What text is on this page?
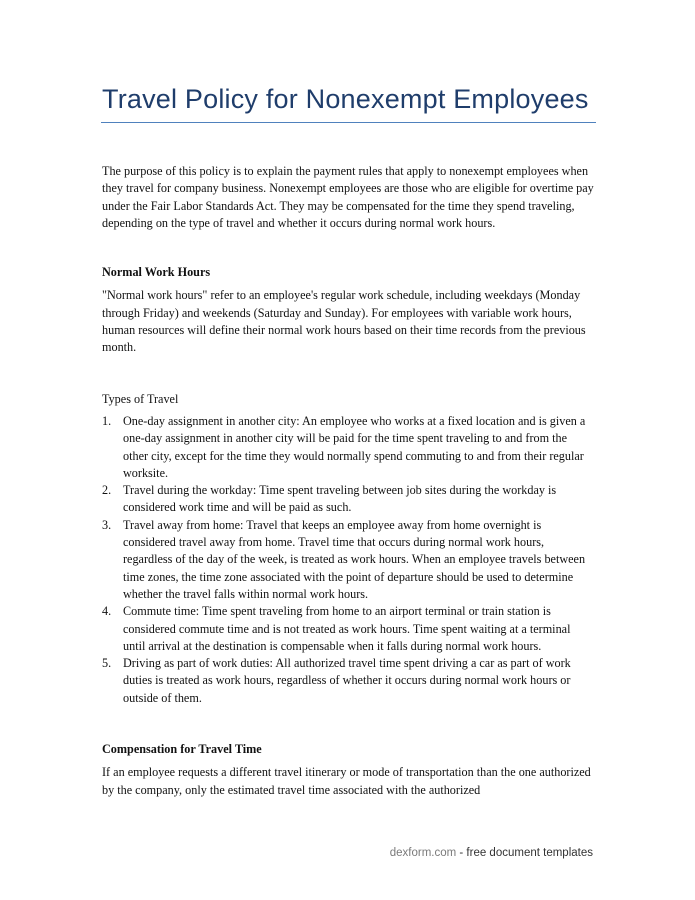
Travel Policy for Nonexempt Employees

The purpose of this policy is to explain the payment rules that apply to nonexempt employees when they travel for company business. Nonexempt employees are those who are eligible for overtime pay under the Fair Labor Standards Act. They may be compensated for the time they spend traveling, depending on the type of travel and whether it occurs during normal work hours.

Normal Work Hours

"Normal work hours" refer to an employee's regular work schedule, including weekdays (Monday through Friday) and weekends (Saturday and Sunday). For employees with variable work hours, human resources will define their normal work hours based on their time records from the previous month.

Types of Travel

1. One-day assignment in another city: An employee who works at a fixed location and is given a one-day assignment in another city will be paid for the time spent traveling to and from the other city, except for the time they would normally spend commuting to and from their regular worksite.
2. Travel during the workday: Time spent traveling between job sites during the workday is considered work time and will be paid as such.
3. Travel away from home: Travel that keeps an employee away from home overnight is considered travel away from home. Travel time that occurs during normal work hours, regardless of the day of the week, is treated as work hours. When an employee travels between time zones, the time zone associated with the point of departure should be used to determine whether the travel falls within normal work hours.
4. Commute time: Time spent traveling from home to an airport terminal or train station is considered commute time and is not treated as work hours. Time spent waiting at a terminal until arrival at the destination is compensable when it falls during normal work hours.
5. Driving as part of work duties: All authorized travel time spent driving a car as part of work duties is treated as work hours, regardless of whether it occurs during normal work hours or outside of them.

Compensation for Travel Time

If an employee requests a different travel itinerary or mode of transportation than the one authorized by the company, only the estimated travel time associated with the authorized

dexform.com - free document templates
